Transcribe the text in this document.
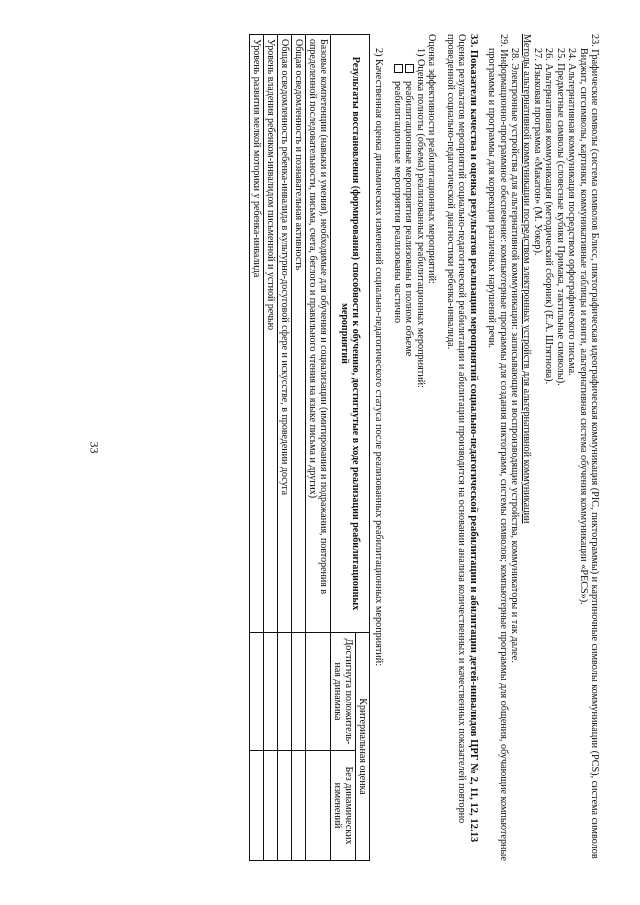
33	23. Графические символы (система символов Блисс, пиктографическая идеографическая коммуникация (PIC, пиктограммы) и картиночные символы коммуникации (PCS), система символов Виджит, сигсимволы, картинки, коммуникативные таблицы и книги, альтернативная система обучения коммуникации «PECS»).

24. Альтернативная коммуникация посредством орфографического письма.

25. Предметные символы (словесные кубики Примака, тактильные символы).

26. Альтернативная коммуникация (методический сборник) (Е.А. Штятнова).

27. Языковая программа «Макатон» (М. Уокер).

Методы альтернативной коммуникации посредством электронных устройств для альтернативной коммуникации

28. Электронные устройства для альтернативной коммуникации: записывающие и воспроизводящие устройства, коммуникаторы и так далее.

29. Информационно-программное обеспечение: компьютерные программы для создания пиктограмм, системы символов; компьютерные программы для общения, обучающие компьютерные программы и программы для коррекции различных нарушений речи.

33. Показатели качества и оценка результатов реализации мероприятий социально-педагогической реабилитации и абилитации детей-инвалидов ЦРГ № 2, 11, 12, 12.13

Оценка результатов мероприятий социально-педагогической реабилитации и абилитации производится на основании анализа количественных и качественных показателей повторно проведенной социально-педагогической диагностики ребенка-инвалида.

Оценка эффективности реабилитационных мероприятий:

1) Оценка полноты (объема) реализованных реабилитационных мероприятий:

реабилитационные мероприятия реализованы в полном объеме

реабилитационные мероприятия реализованы частично

2) Качественная оценка динамических изменений социально-педагогического статуса после реализованных реабилитационных мероприятий:

Результаты восстановления (формирования) способности к обучению, достигнутые в ходе реализации реабилитационных мероприятий	Критериальная оценка	
	Достигнута положитель-ная динамика	Без динамических изменений
Базовые компетенции (навыки и умения), необходимые для обучения и социализации (имитирования и подражания, повторения в определенной последовательности, письма, счета, беглого и правильного чтения на языке письма и других)		
Общая осведомленность и познавательная активность		
Общая осведомленность ребенка-инвалида в культурно-досуговой сфере и искусстве, в проведении досуга		
Уровень владения ребенком-инвалидом письменной и устной речью		
Уровень развития мелкой моторики у ребенка-инвалида		
